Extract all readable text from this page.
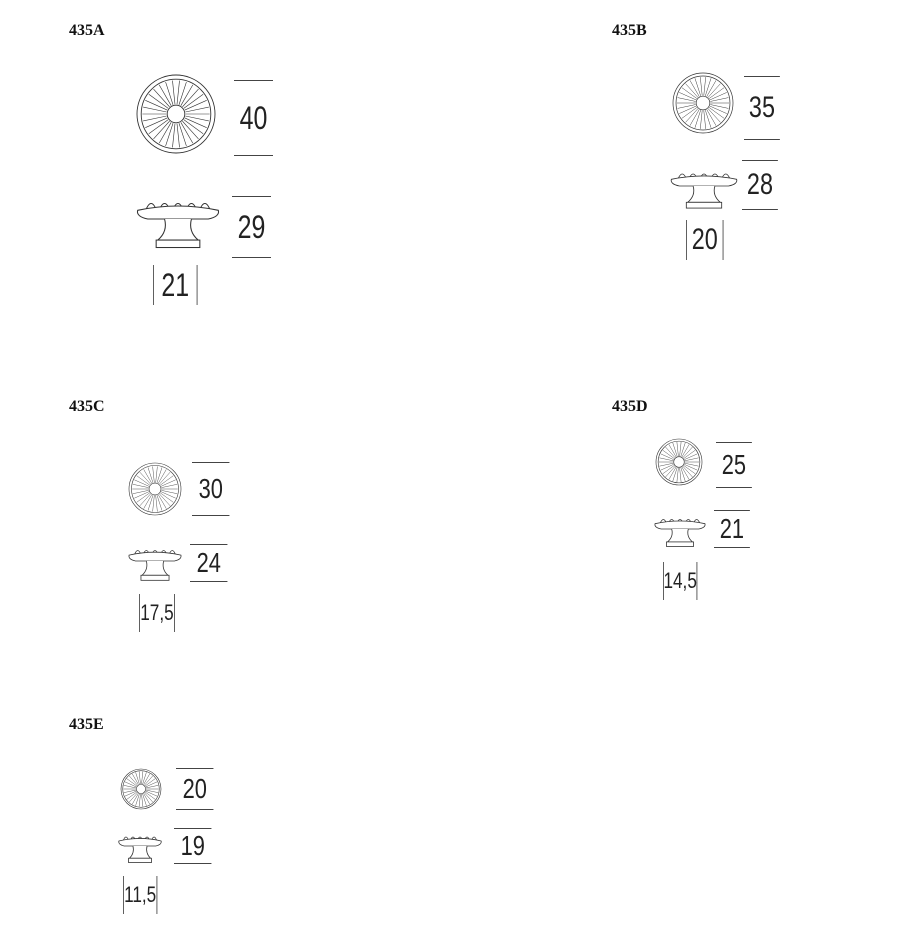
435A
40
29
21
435B
35
28
20
435C
30
24
17,5
435D
25
21
14,5
435E
20
19
11,5
